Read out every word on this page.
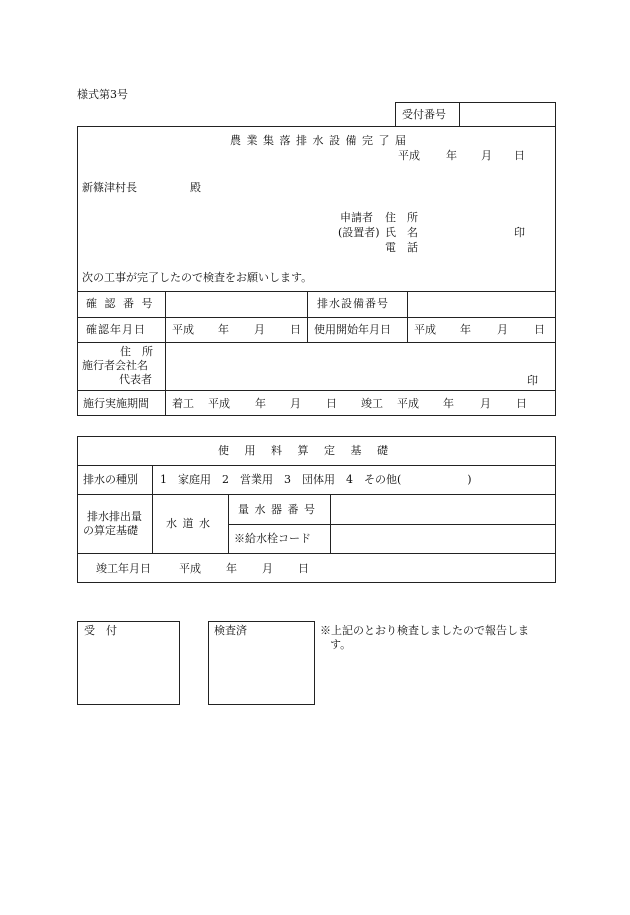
様式第3号
受付番号
農 業 集 落 排 水 設 備 完 了 届
平成 年 月 日
新篠津村長	殿
申請者 住　所
(設置者) 氏　名	印
電　話
次の工事が完了したので検査をお願いします。
確 認 番 号	排水設備番号
確認年月日 平成 年 月 日 使用開始年月日 平成 年 月 日
住　所
施行者会社名
代表者	印
施行実施期間 着工 平成 年 月 日 竣工 平成 年 月 日
使 用 料 算 定 基 礎
排水の種別 1　家庭用　2　営業用　3　団体用　4　その他(　　　　　　)
排水排出量
の算定基礎
水 道 水
量 水 器 番 号
※給水栓コード
竣工年月日	平成 年 月 日
受　付	検査済	※上記のとおり検査しましたので報告しま
す。
